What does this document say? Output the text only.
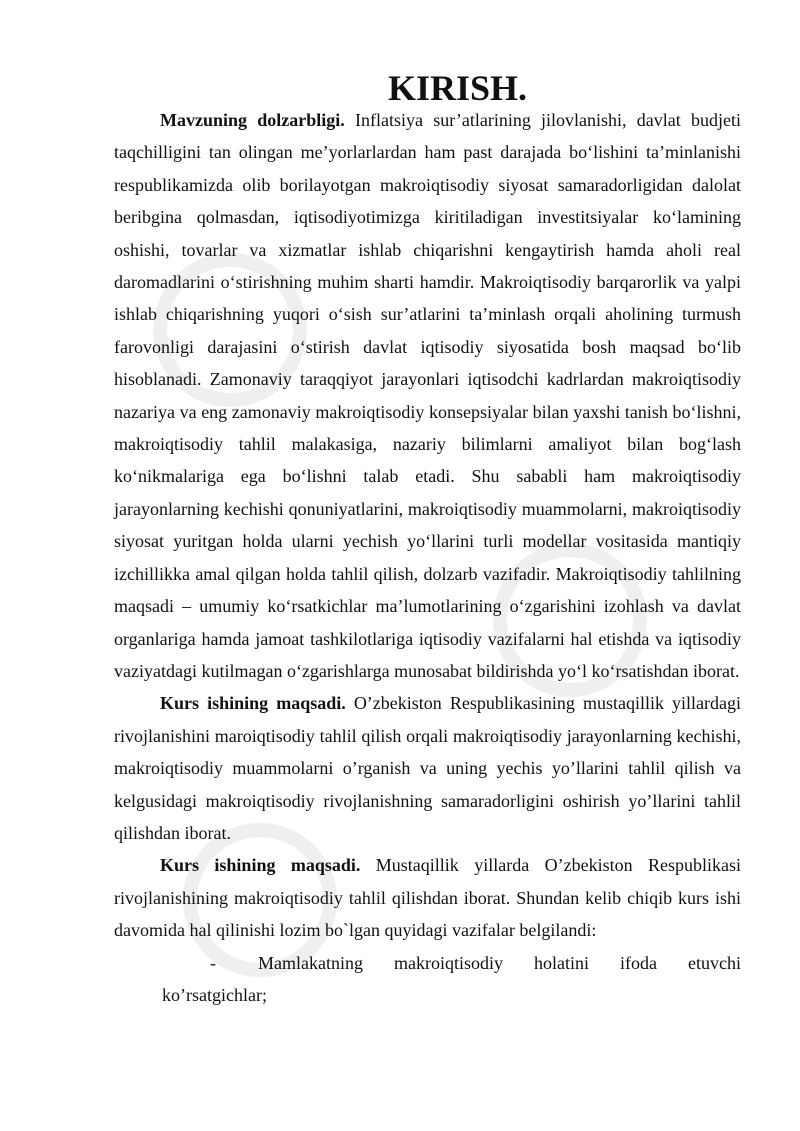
KIRISH.

Mavzuning dolzarbligi. Inflatsiya sur’atlarining jilovlanishi, davlat budjeti taqchilligini tan olingan me’yorlarlardan ham past darajada bo‘lishini ta’minlanishi respublikamizda olib borilayotgan makroiqtisodiy siyosat samaradorligidan dalolat beribgina qolmasdan, iqtisodiyotimizga kiritiladigan investitsiyalar ko‘lamining oshishi, tovarlar va xizmatlar ishlab chiqarishni kengaytirish hamda aholi real daromadlarini o‘stirishning muhim sharti hamdir. Makroiqtisodiy barqarorlik va yalpi ishlab chiqarishning yuqori o‘sish sur’atlarini ta’minlash orqali aholining turmush farovonligi darajasini o‘stirish davlat iqtisodiy siyosatida bosh maqsad bo‘lib hisoblanadi. Zamonaviy taraqqiyot jarayonlari iqtisodchi kadrlardan makroiqtisodiy nazariya va eng zamonaviy makroiqtisodiy konsepsiyalar bilan yaxshi tanish bo‘lishni, makroiqtisodiy tahlil malakasiga, nazariy bilimlarni amaliyot bilan bog‘lash ko‘nikmalariga ega bo‘lishni talab etadi. Shu sababli ham makroiqtisodiy jarayonlarning kechishi qonuniyatlarini, makroiqtisodiy muammolarni, makroiqtisodiy siyosat yuritgan holda ularni yechish yo‘llarini turli modellar vositasida mantiqiy izchillikka amal qilgan holda tahlil qilish, dolzarb vazifadir. Makroiqtisodiy tahlilning maqsadi – umumiy ko‘rsatkichlar ma’lumotlarining o‘zgarishini izohlash va davlat organlariga hamda jamoat tashkilotlariga iqtisodiy vazifalarni hal etishda va iqtisodiy vaziyatdagi kutilmagan o‘zgarishlarga munosabat bildirishda yo‘l ko‘rsatishdan iborat.

Kurs ishining maqsadi. O’zbekiston Respublikasining mustaqillik yillardagi rivojlanishini maroiqtisodiy tahlil qilish orqali makroiqtisodiy jarayonlarning kechishi, makroiqtisodiy muammolarni o’rganish va uning yechis yo’llarini tahlil qilish va kelgusidagi makroiqtisodiy rivojlanishning samaradorligini oshirish yo’llarini tahlil qilishdan iborat.

Kurs ishining maqsadi. Mustaqillik yillarda O’zbekiston Respublikasi rivojlanishining makroiqtisodiy tahlil qilishdan iborat. Shundan kelib chiqib kurs ishi davomida hal qilinishi lozim bo`lgan quyidagi vazifalar belgilandi:

-	Mamlakatning makroiqtisodiy holatini ifoda etuvchi
ko’rsatgichlar;
